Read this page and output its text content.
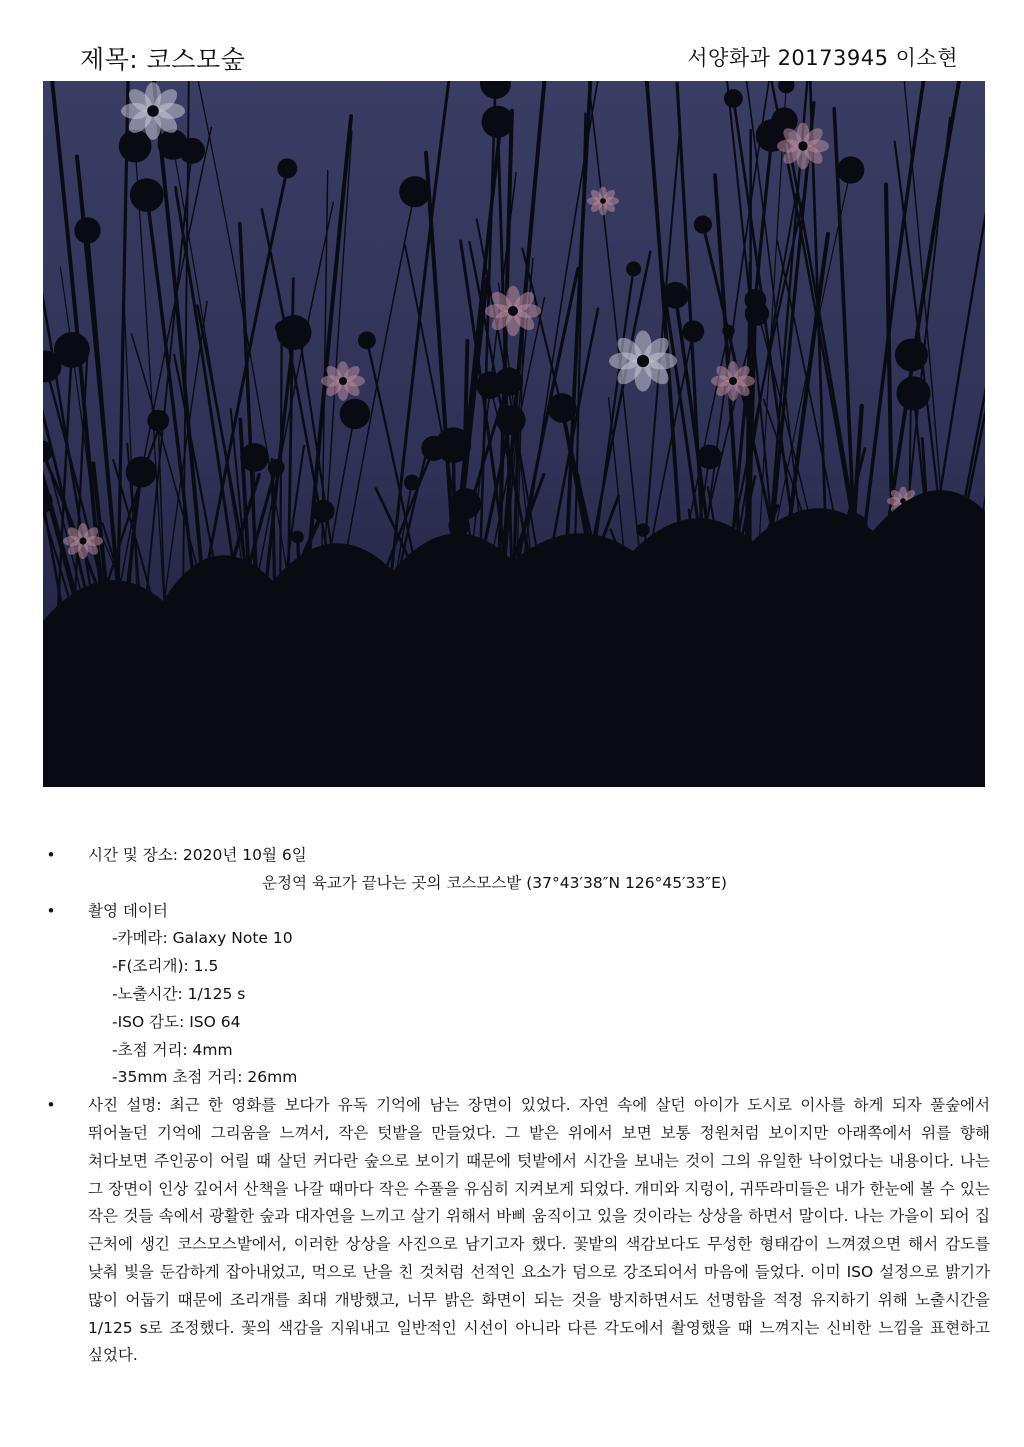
제목: 코스모숲	서양화과 20173945 이소현
• 시간 및 장소: 2020년 10월 6일
운정역 육교가 끝나는 곳의 코스모스밭 (37°43′38″N 126°45′33″E)
• 촬영 데이터
-카메라: Galaxy Note 10
-F(조리개): 1.5
-노출시간: 1/125 s
-ISO 감도: ISO 64
-초점 거리: 4mm
-35mm 초점 거리: 26mm
• 사진 설명: 최근 한 영화를 보다가 유독 기억에 남는 장면이 있었다. 자연 속에 살던 아이가 도시로 이사를 하게 되자 풀숲에서 뛰어놀던 기억에 그리움을 느껴서, 작은 텃밭을 만들었다. 그 밭은 위에서 보면 보통 정원처럼 보이지만 아래쪽에서 위를 향해 쳐다보면 주인공이 어릴 때 살던 커다란 숲으로 보이기 때문에 텃밭에서 시간을 보내는 것이 그의 유일한 낙이었다는 내용이다. 나는 그 장면이 인상 깊어서 산책을 나갈 때마다 작은 수풀을 유심히 지켜보게 되었다. 개미와 지렁이, 귀뚜라미들은 내가 한눈에 볼 수 있는 작은 것들 속에서 광활한 숲과 대자연을 느끼고 살기 위해서 바삐 움직이고 있을 것이라는 상상을 하면서 말이다. 나는 가을이 되어 집 근처에 생긴 코스모스밭에서, 이러한 상상을 사진으로 남기고자 했다. 꽃밭의 색감보다도 무성한 형태감이 느껴졌으면 해서 감도를 낮춰 빛을 둔감하게 잡아내었고, 먹으로 난을 친 것처럼 선적인 요소가 덤으로 강조되어서 마음에 들었다. 이미 ISO 설정으로 밝기가 많이 어둡기 때문에 조리개를 최대 개방했고, 너무 밝은 화면이 되는 것을 방지하면서도 선명함을 적정 유지하기 위해 노출시간을 1/125 s로 조정했다. 꽃의 색감을 지워내고 일반적인 시선이 아니라 다른 각도에서 촬영했을 때 느껴지는 신비한 느낌을 표현하고 싶었다.
